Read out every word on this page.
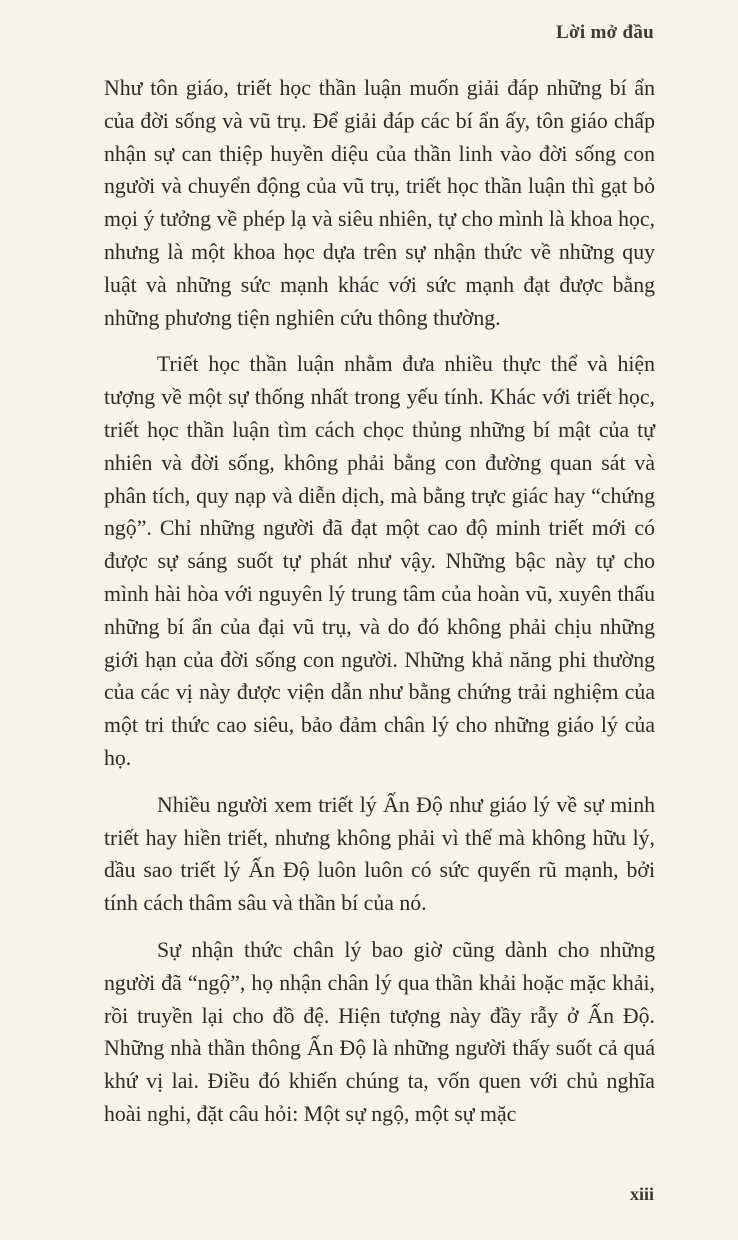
Lời mở đầu

Như tôn giáo, triết học thần luận muốn giải đáp những bí ẩn của đời sống và vũ trụ. Để giải đáp các bí ẩn ấy, tôn giáo chấp nhận sự can thiệp huyền diệu của thần linh vào đời sống con người và chuyển động của vũ trụ, triết học thần luận thì gạt bỏ mọi ý tưởng về phép lạ và siêu nhiên, tự cho mình là khoa học, nhưng là một khoa học dựa trên sự nhận thức về những quy luật và những sức mạnh khác với sức mạnh đạt được bằng những phương tiện nghiên cứu thông thường.

Triết học thần luận nhằm đưa nhiều thực thể và hiện tượng về một sự thống nhất trong yếu tính. Khác với triết học, triết học thần luận tìm cách chọc thủng những bí mật của tự nhiên và đời sống, không phải bằng con đường quan sát và phân tích, quy nạp và diễn dịch, mà bằng trực giác hay “chứng ngộ”. Chỉ những người đã đạt một cao độ minh triết mới có được sự sáng suốt tự phát như vậy. Những bậc này tự cho mình hài hòa với nguyên lý trung tâm của hoàn vũ, xuyên thấu những bí ẩn của đại vũ trụ, và do đó không phải chịu những giới hạn của đời sống con người. Những khả năng phi thường của các vị này được viện dẫn như bằng chứng trải nghiệm của một tri thức cao siêu, bảo đảm chân lý cho những giáo lý của họ.

Nhiều người xem triết lý Ấn Độ như giáo lý về sự minh triết hay hiền triết, nhưng không phải vì thế mà không hữu lý, dầu sao triết lý Ấn Độ luôn luôn có sức quyến rũ mạnh, bởi tính cách thâm sâu và thần bí của nó.

Sự nhận thức chân lý bao giờ cũng dành cho những người đã “ngộ”, họ nhận chân lý qua thần khải hoặc mặc khải, rồi truyền lại cho đồ đệ. Hiện tượng này đầy rẫy ở Ấn Độ. Những nhà thần thông Ấn Độ là những người thấy suốt cả quá khứ vị lai. Điều đó khiến chúng ta, vốn quen với chủ nghĩa hoài nghi, đặt câu hỏi: Một sự ngộ, một sự mặc

xiii
